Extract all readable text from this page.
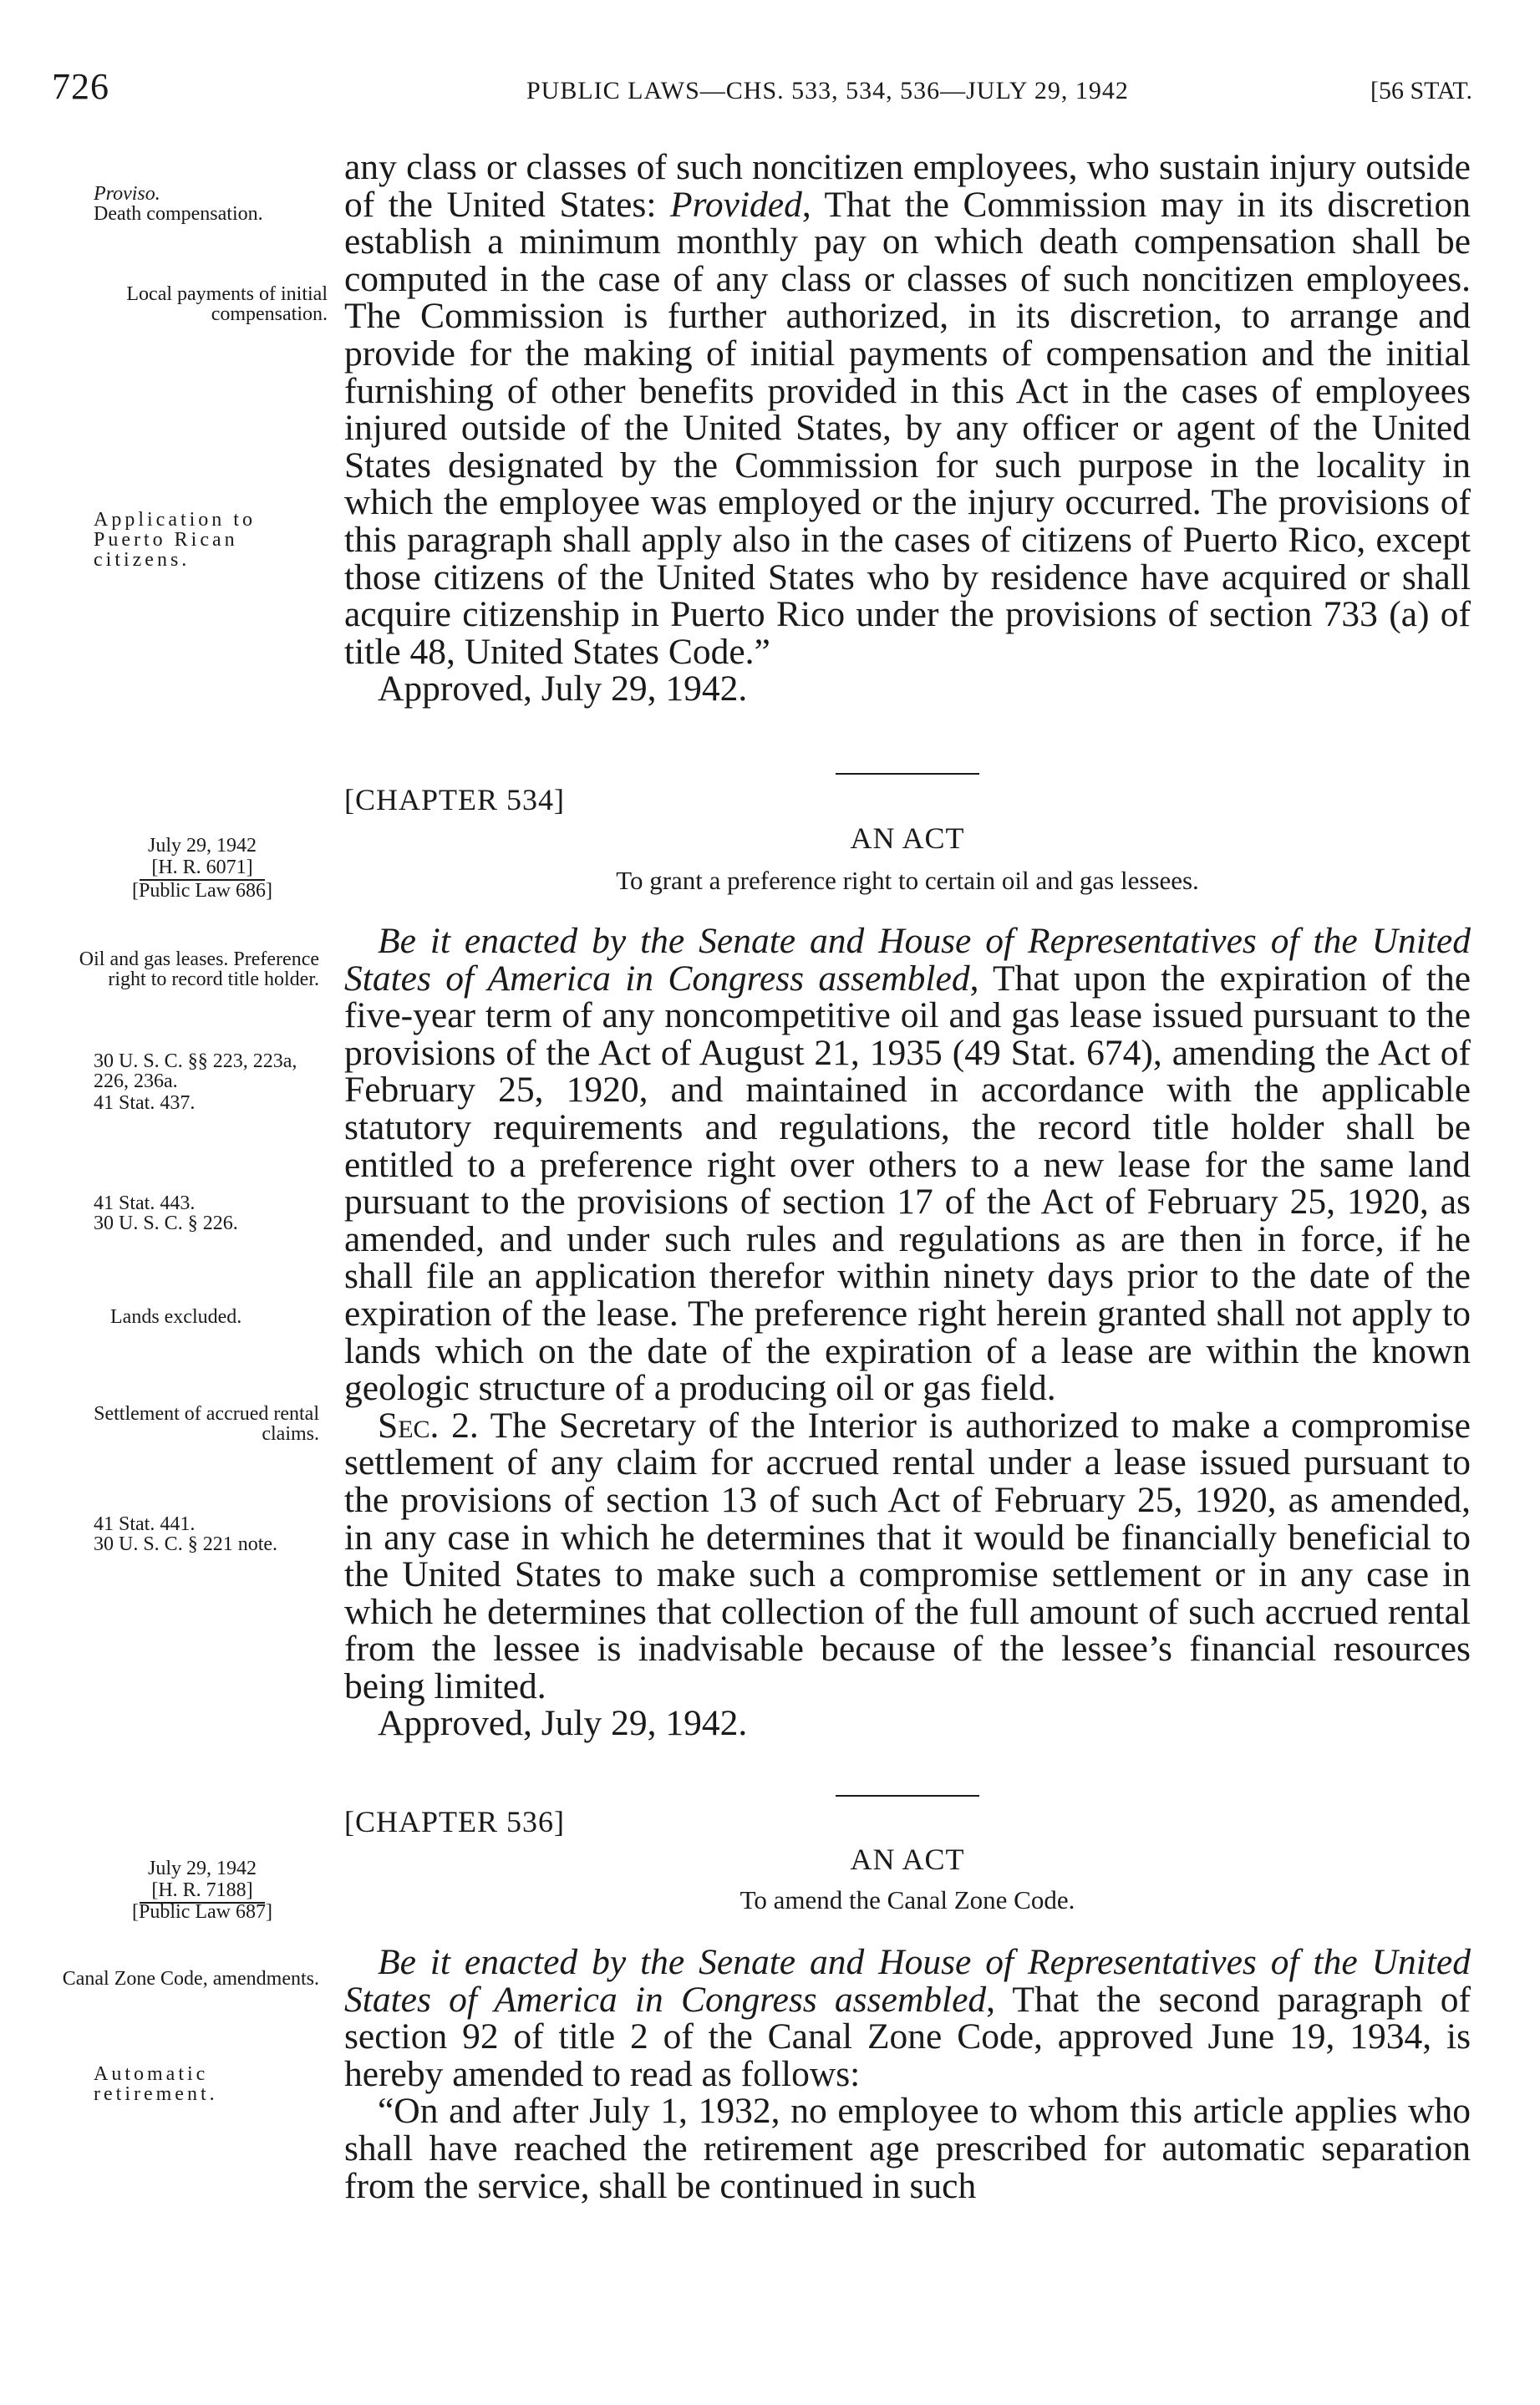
726	PUBLIC LAWS—CHS. 533, 534, 536—JULY 29, 1942	[56 STAT.
Proviso.
Death compensation.
Local payments of initial compensation.
Application to Puerto Rican citizens.

any class or classes of such noncitizen employees, who sustain injury outside of the United States: Provided, That the Commission may in its discretion establish a minimum monthly pay on which death compensation shall be computed in the case of any class or classes of such noncitizen employees. The Commission is further authorized, in its discretion, to arrange and provide for the making of initial payments of compensation and the initial furnishing of other benefits provided in this Act in the cases of employees injured outside of the United States, by any officer or agent of the United States designated by the Commission for such purpose in the locality in which the employee was employed or the injury occurred. The provisions of this paragraph shall apply also in the cases of citizens of Puerto Rico, except those citizens of the United States who by residence have acquired or shall acquire citizenship in Puerto Rico under the provisions of section 733 (a) of title 48, United States Code.”

Approved, July 29, 1942.

[CHAPTER 534]
AN ACT
To grant a preference right to certain oil and gas lessees.
July 29, 1942
[H. R. 6071]
[Public Law 686]
Oil and gas leases. Preference right to record title holder.
30 U. S. C. §§ 223, 223a, 226, 236a.
41 Stat. 437.
41 Stat. 443.
30 U. S. C. § 226.
Lands excluded.
Settlement of accrued rental claims.
41 Stat. 441.
30 U. S. C. § 221 note.

Be it enacted by the Senate and House of Representatives of the United States of America in Congress assembled, That upon the expiration of the five-year term of any noncompetitive oil and gas lease issued pursuant to the provisions of the Act of August 21, 1935 (49 Stat. 674), amending the Act of February 25, 1920, and maintained in accordance with the applicable statutory requirements and regulations, the record title holder shall be entitled to a preference right over others to a new lease for the same land pursuant to the provisions of section 17 of the Act of February 25, 1920, as amended, and under such rules and regulations as are then in force, if he shall file an application therefor within ninety days prior to the date of the expiration of the lease. The preference right herein granted shall not apply to lands which on the date of the expiration of a lease are within the known geologic structure of a producing oil or gas field.

Sec. 2. The Secretary of the Interior is authorized to make a compromise settlement of any claim for accrued rental under a lease issued pursuant to the provisions of section 13 of such Act of February 25, 1920, as amended, in any case in which he determines that it would be financially beneficial to the United States to make such a compromise settlement or in any case in which he determines that collection of the full amount of such accrued rental from the lessee is inadvisable because of the lessee’s financial resources being limited.

Approved, July 29, 1942.

[CHAPTER 536]
AN ACT
To amend the Canal Zone Code.
July 29, 1942
[H. R. 7188]
[Public Law 687]
Canal Zone Code, amendments.
Automatic retirement.

Be it enacted by the Senate and House of Representatives of the United States of America in Congress assembled, That the second paragraph of section 92 of title 2 of the Canal Zone Code, approved June 19, 1934, is hereby amended to read as follows:

“On and after July 1, 1932, no employee to whom this article applies who shall have reached the retirement age prescribed for automatic separation from the service, shall be continued in such
